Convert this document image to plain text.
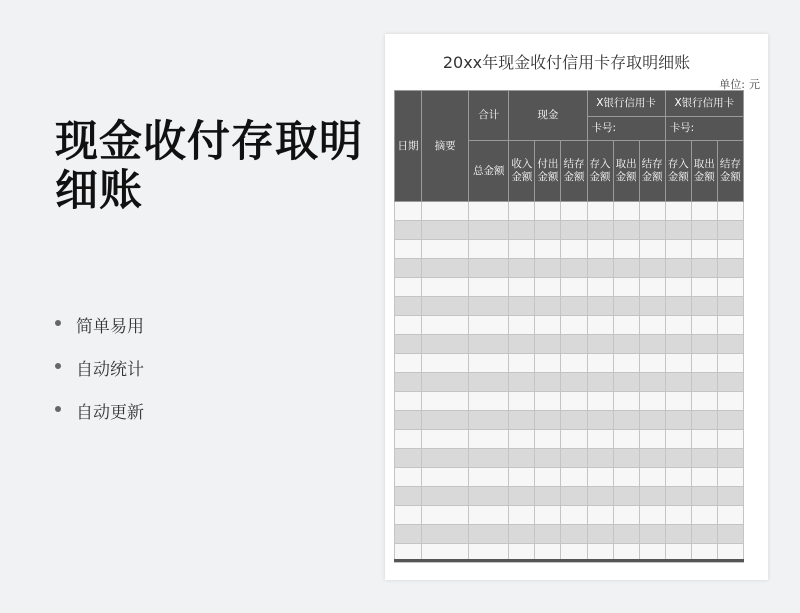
现金收付存取明细账
简单易用
自动统计
自动更新
20xx年现金收付信用卡存取明细账
单位: 元
日期	摘要	合计	现金			X银行信用卡			X银行信用卡		
						卡号:			卡号:		
		总金额	收入金额	付出金额	结存金额	存入金额	取出金额	结存金额	存入金额	取出金额	结存金额
